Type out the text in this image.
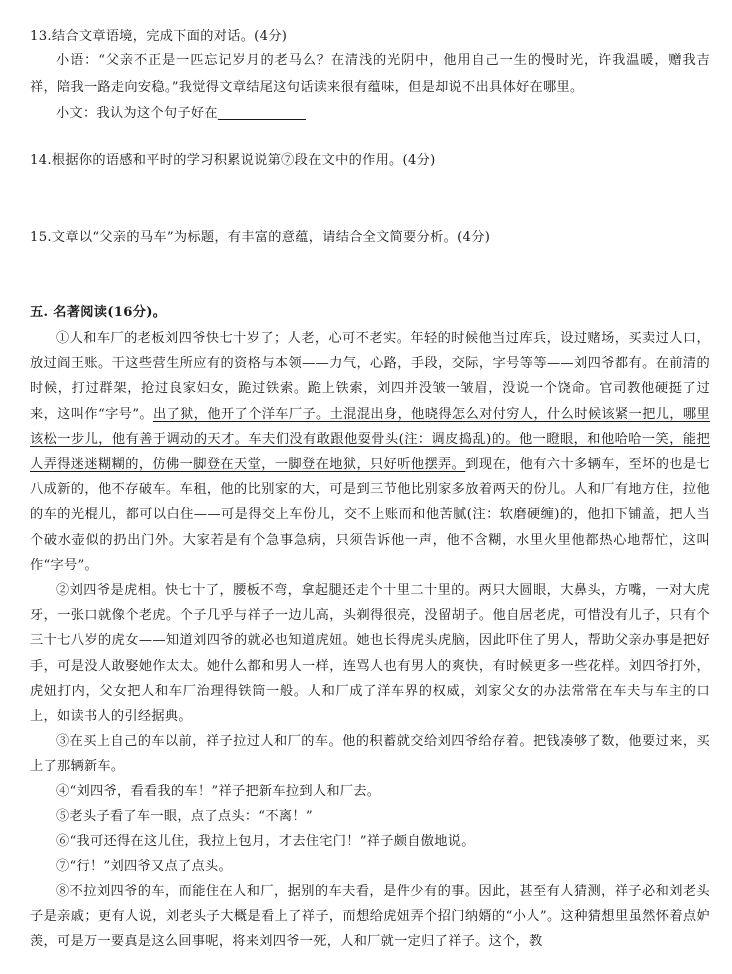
13.结合文章语境，完成下面的对话。(4分)

小语：“父亲不正是一匹忘记岁月的老马么？在清浅的光阴中，他用自己一生的慢时光，许我温暖，赠我吉祥，陪我一路走向安稳。”我觉得文章结尾这句话读来很有蕴味，但是却说不出具体好在哪里。

小文：我认为这个句子好在

14.根据你的语感和平时的学习积累说说第⑦段在文中的作用。(4分)

15.文章以“父亲的马车”为标题，有丰富的意蕴，请结合全文简要分析。(4分)

五. 名著阅读(16分)。

①人和车厂的老板刘四爷快七十岁了；人老，心可不老实。年轻的时候他当过库兵，设过赌场，买卖过人口，放过阎王账。干这些营生所应有的资格与本领——力气，心路，手段，交际，字号等等——刘四爷都有。在前清的时候，打过群架，抢过良家妇女，跪过铁索。跪上铁索，刘四并没皱一皱眉，没说一个饶命。官司教他硬挺了过来，这叫作“字号”。出了狱，他开了个洋车厂子。土混混出身，他晓得怎么对付穷人，什么时候该紧一把儿，哪里该松一步儿，他有善于调动的天才。车夫们没有敢跟他耍骨头(注：调皮捣乱)的。他一瞪眼，和他哈哈一笑，能把人弄得迷迷糊糊的，仿佛一脚登在天堂，一脚登在地狱，只好听他摆弄。到现在，他有六十多辆车，至坏的也是七八成新的，他不存破车。车租，他的比别家的大，可是到三节他比别家多放着两天的份儿。人和厂有地方住，拉他的车的光棍儿，都可以白住——可是得交上车份儿，交不上账而和他苦腻(注：软磨硬缠)的，他扣下铺盖，把人当个破水壶似的扔出门外。大家若是有个急事急病，只须告诉他一声，他不含糊，水里火里他都热心地帮忙，这叫作“字号”。

②刘四爷是虎相。快七十了，腰板不弯，拿起腿还走个十里二十里的。两只大圆眼，大鼻头，方嘴，一对大虎牙，一张口就像个老虎。个子几乎与祥子一边儿高，头剃得很亮，没留胡子。他自居老虎，可惜没有儿子，只有个三十七八岁的虎女——知道刘四爷的就必也知道虎妞。她也长得虎头虎脑，因此吓住了男人，帮助父亲办事是把好手，可是没人敢娶她作太太。她什么都和男人一样，连骂人也有男人的爽快，有时候更多一些花样。刘四爷打外，虎妞打内，父女把人和车厂治理得铁筒一般。人和厂成了洋车界的权威，刘家父女的办法常常在车夫与车主的口上，如读书人的引经据典。

③在买上自己的车以前，祥子拉过人和厂的车。他的积蓄就交给刘四爷给存着。把钱凑够了数，他要过来，买上了那辆新车。

④“刘四爷，看看我的车！”祥子把新车拉到人和厂去。

⑤老头子看了车一眼，点了点头：“不离！”

⑥“我可还得在这儿住，我拉上包月，才去住宅门！”祥子颇自傲地说。

⑦“行！”刘四爷又点了点头。

⑧不拉刘四爷的车，而能住在人和厂，据别的车夫看，是件少有的事。因此，甚至有人猜测，祥子必和刘老头子是亲戚；更有人说，刘老头子大概是看上了祥子，而想给虎妞弄个招门纳婿的“小人”。这种猜想里虽然怀着点妒羡，可是万一要真是这么回事呢，将来刘四爷一死，人和厂就一定归了祥子。这个，教
